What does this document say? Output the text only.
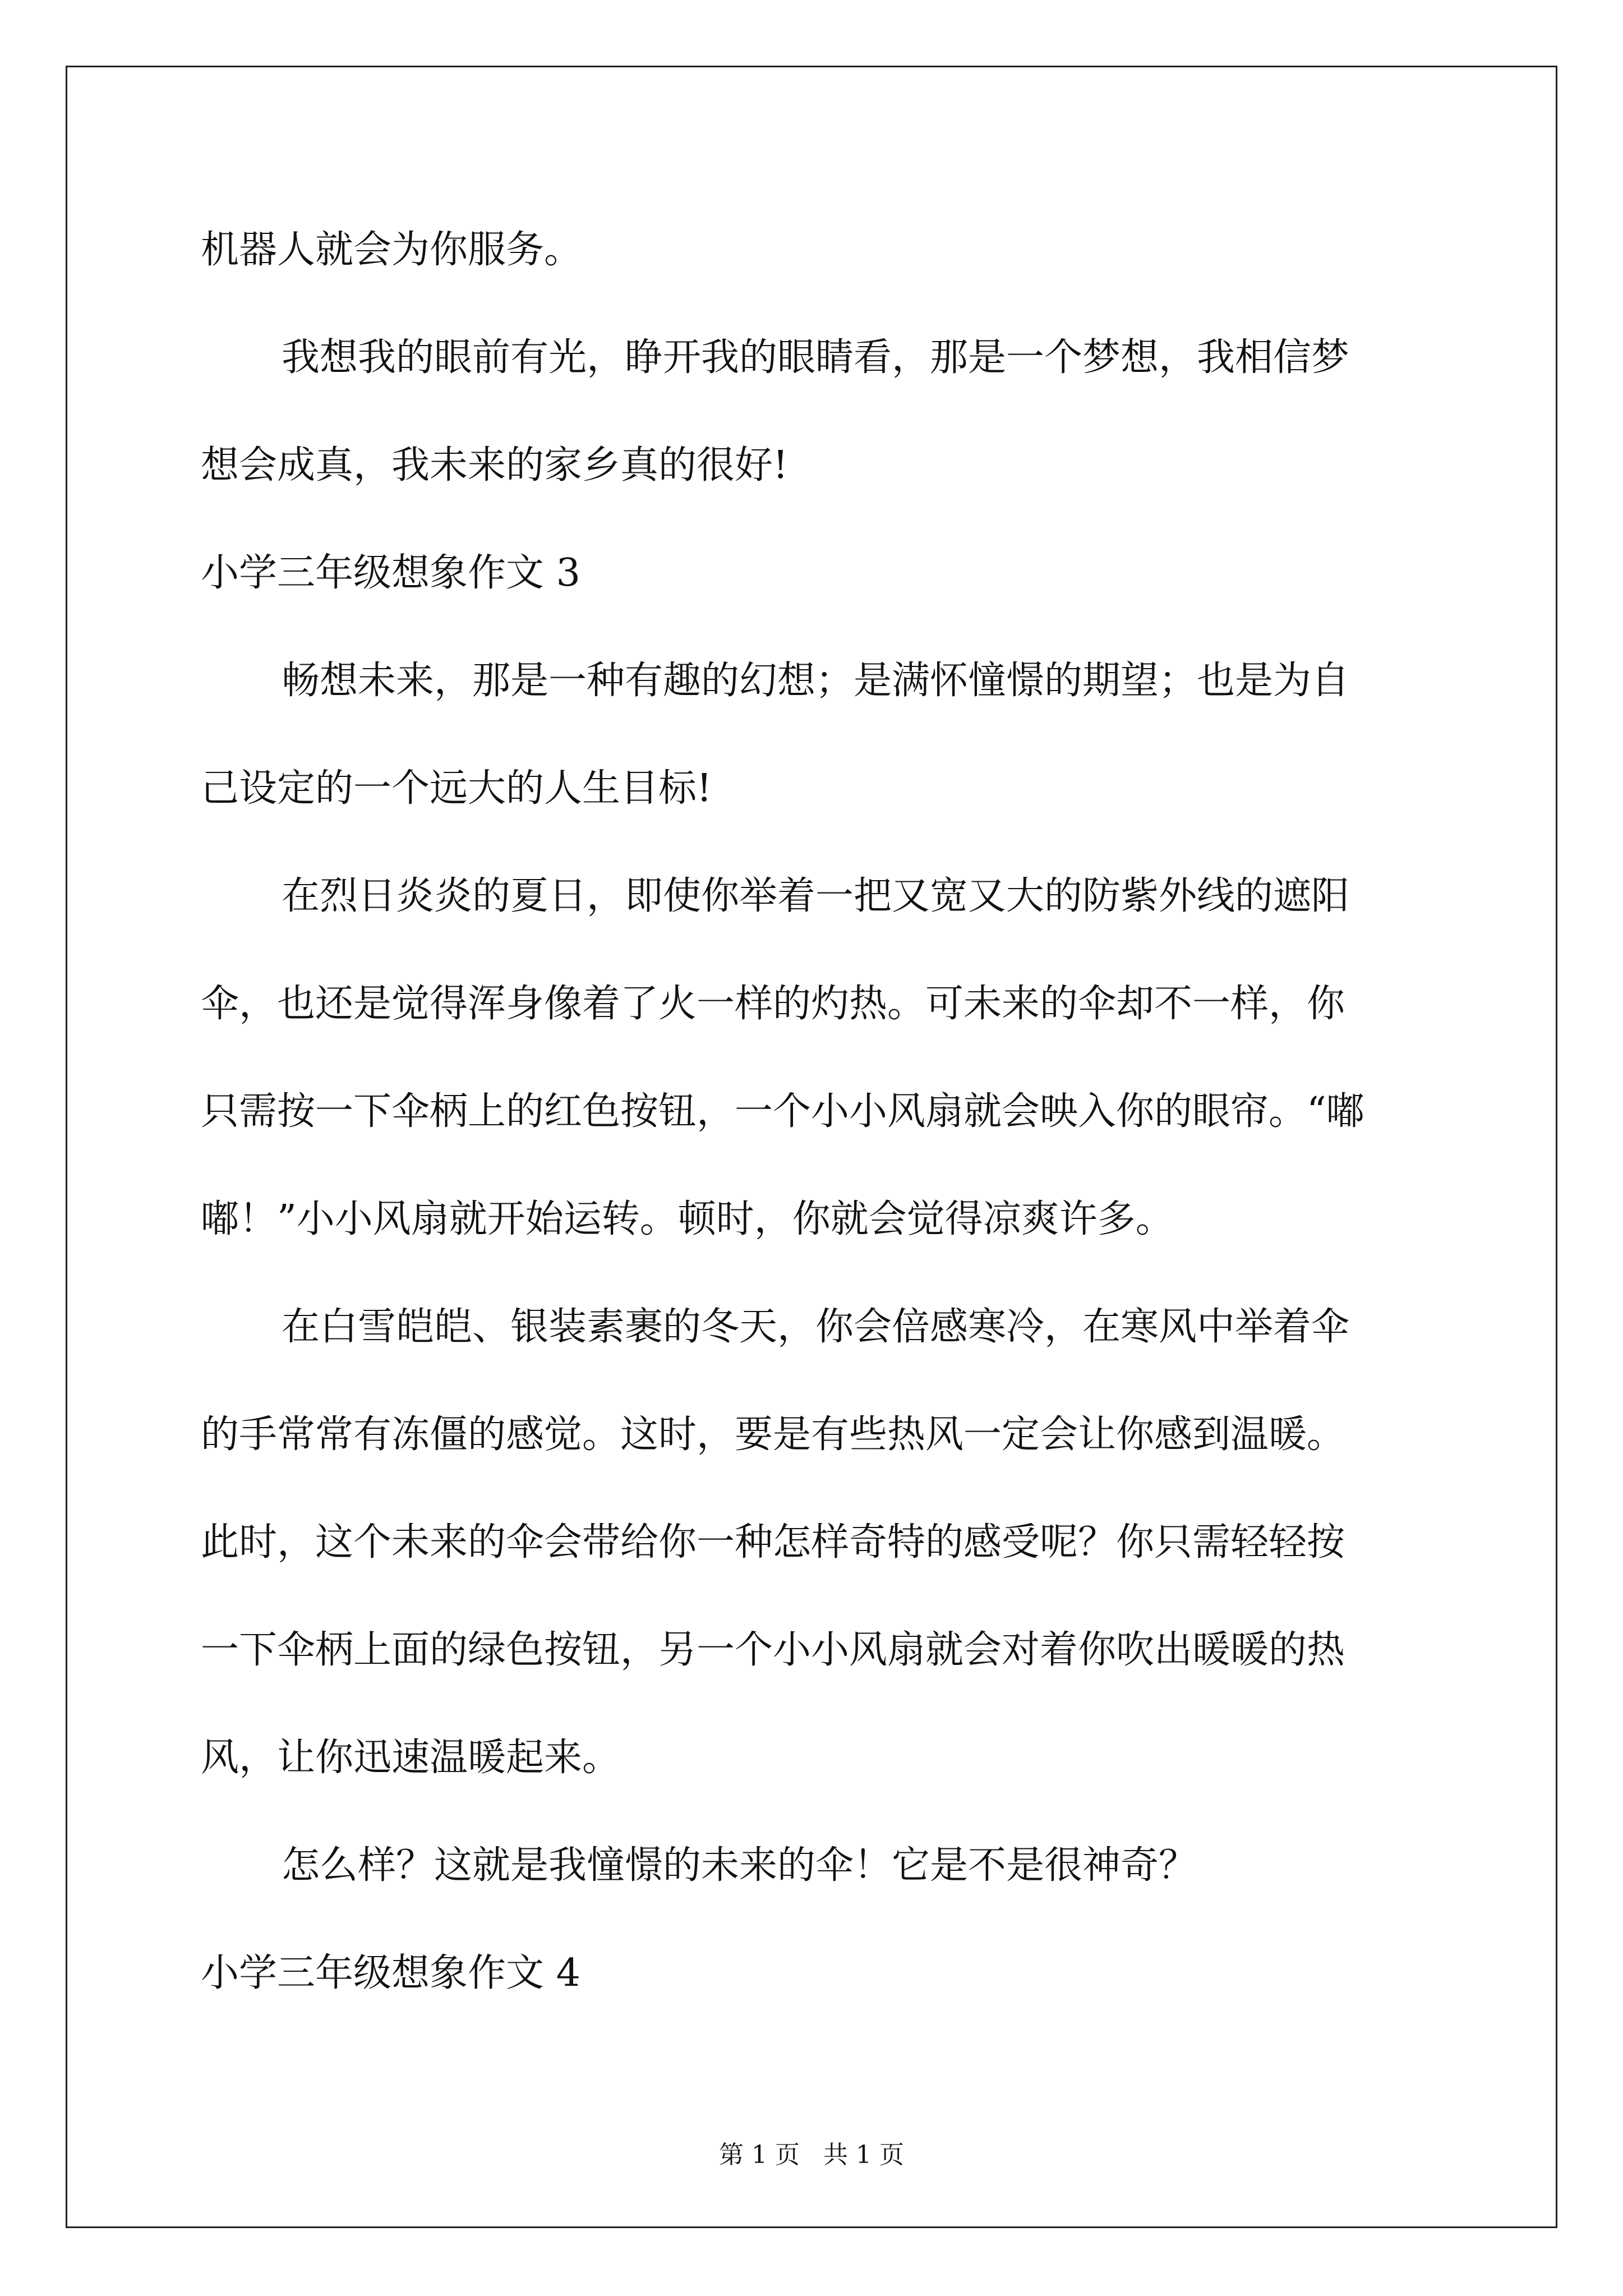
机器人就会为你服务。
我想我的眼前有光，睁开我的眼睛看，那是一个梦想，我相信梦
想会成真，我未来的家乡真的很好!
小学三年级想象作文 3
畅想未来，那是一种有趣的幻想；是满怀憧憬的期望；也是为自
己设定的一个远大的人生目标!
在烈日炎炎的夏日，即使你举着一把又宽又大的防紫外线的遮阳
伞，也还是觉得浑身像着了火一样的灼热。可未来的伞却不一样，你
只需按一下伞柄上的红色按钮，一个小小风扇就会映入你的眼帘。“嘟
嘟！”小小风扇就开始运转。顿时，你就会觉得凉爽许多。
在白雪皑皑、银装素裹的冬天，你会倍感寒冷，在寒风中举着伞
的手常常有冻僵的感觉。这时，要是有些热风一定会让你感到温暖。
此时，这个未来的伞会带给你一种怎样奇特的感受呢？你只需轻轻按
一下伞柄上面的绿色按钮，另一个小小风扇就会对着你吹出暖暖的热
风，让你迅速温暖起来。
怎么样？这就是我憧憬的未来的伞！它是不是很神奇？
小学三年级想象作文 4
第 1 页   共 1 页
